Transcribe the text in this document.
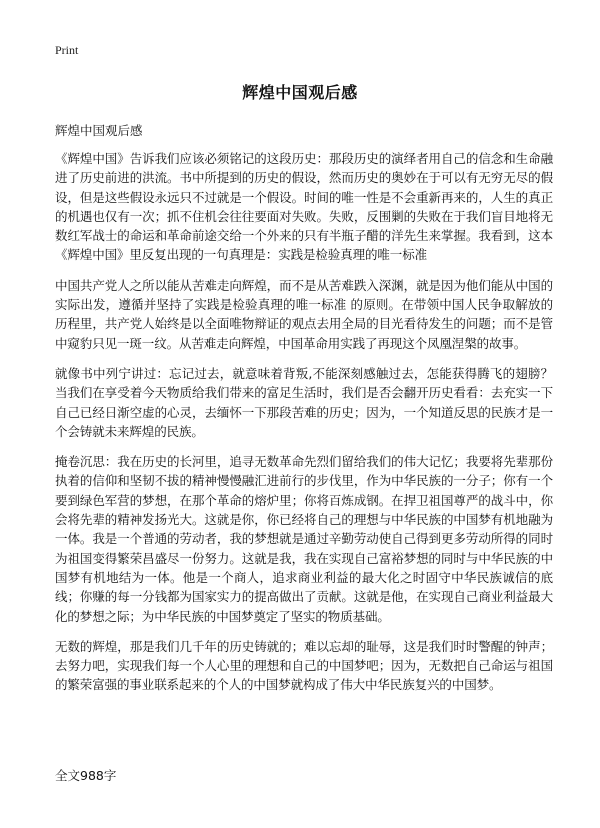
Print
辉煌中国观后感

辉煌中国观后感

《辉煌中国》告诉我们应该必须铭记的这段历史：那段历史的演绎者用自己的信念和生命融进了历史前进的洪流。书中所提到的历史的假设，然而历史的奥妙在于可以有无穷无尽的假设，但是这些假设永远只不过就是一个假设。时间的唯一性是不会重新再来的，人生的真正的机遇也仅有一次；抓不住机会往往要面对失败。失败，反围剿的失败在于我们盲目地将无数红军战士的命运和革命前途交给一个外来的只有半瓶子醋的洋先生来掌握。我看到，这本《辉煌中国》里反复出现的一句真理是：实践是检验真理的唯一标准

中国共产党人之所以能从苦难走向辉煌，而不是从苦难跌入深渊，就是因为他们能从中国的实际出发，遵循并坚持了实践是检验真理的唯一标准 的原则。在带领中国人民争取解放的历程里，共产党人始终是以全面唯物辩证的观点去用全局的目光看待发生的问题；而不是管中窥豹只见一斑一纹。从苦难走向辉煌，中国革命用实践了再现这个凤凰涅槃的故事。

就像书中列宁讲过：忘记过去，就意味着背叛,不能深刻感触过去，怎能获得腾飞的翅膀？当我们在享受着今天物质给我们带来的富足生活时，我们是否会翻开历史看看：去充实一下自己已经日渐空虚的心灵，去缅怀一下那段苦难的历史；因为，一个知道反思的民族才是一个会铸就未来辉煌的民族。

掩卷沉思：我在历史的长河里，追寻无数革命先烈们留给我们的伟大记忆；我要将先辈那份执着的信仰和坚韧不拔的精神慢慢融汇进前行的步伐里，作为中华民族的一分子；你有一个要到绿色军营的梦想，在那个革命的熔炉里；你将百炼成钢。在捍卫祖国尊严的战斗中，你会将先辈的精神发扬光大。这就是你，你已经将自己的理想与中华民族的中国梦有机地融为一体。我是一个普通的劳动者，我的梦想就是通过辛勤劳动使自己得到更多劳动所得的同时为祖国变得繁荣昌盛尽一份努力。这就是我，我在实现自己富裕梦想的同时与中华民族的中国梦有机地结为一体。他是一个商人，追求商业利益的最大化之时固守中华民族诚信的底线；你赚的每一分钱都为国家实力的提高做出了贡献。这就是他，在实现自己商业利益最大化的梦想之际；为中华民族的中国梦奠定了坚实的物质基础。

无数的辉煌，那是我们几千年的历史铸就的；难以忘却的耻辱，这是我们时时警醒的钟声；去努力吧，实现我们每一个人心里的理想和自己的中国梦吧；因为，无数把自己命运与祖国的繁荣富强的事业联系起来的个人的中国梦就构成了伟大中华民族复兴的中国梦。

全文988字
